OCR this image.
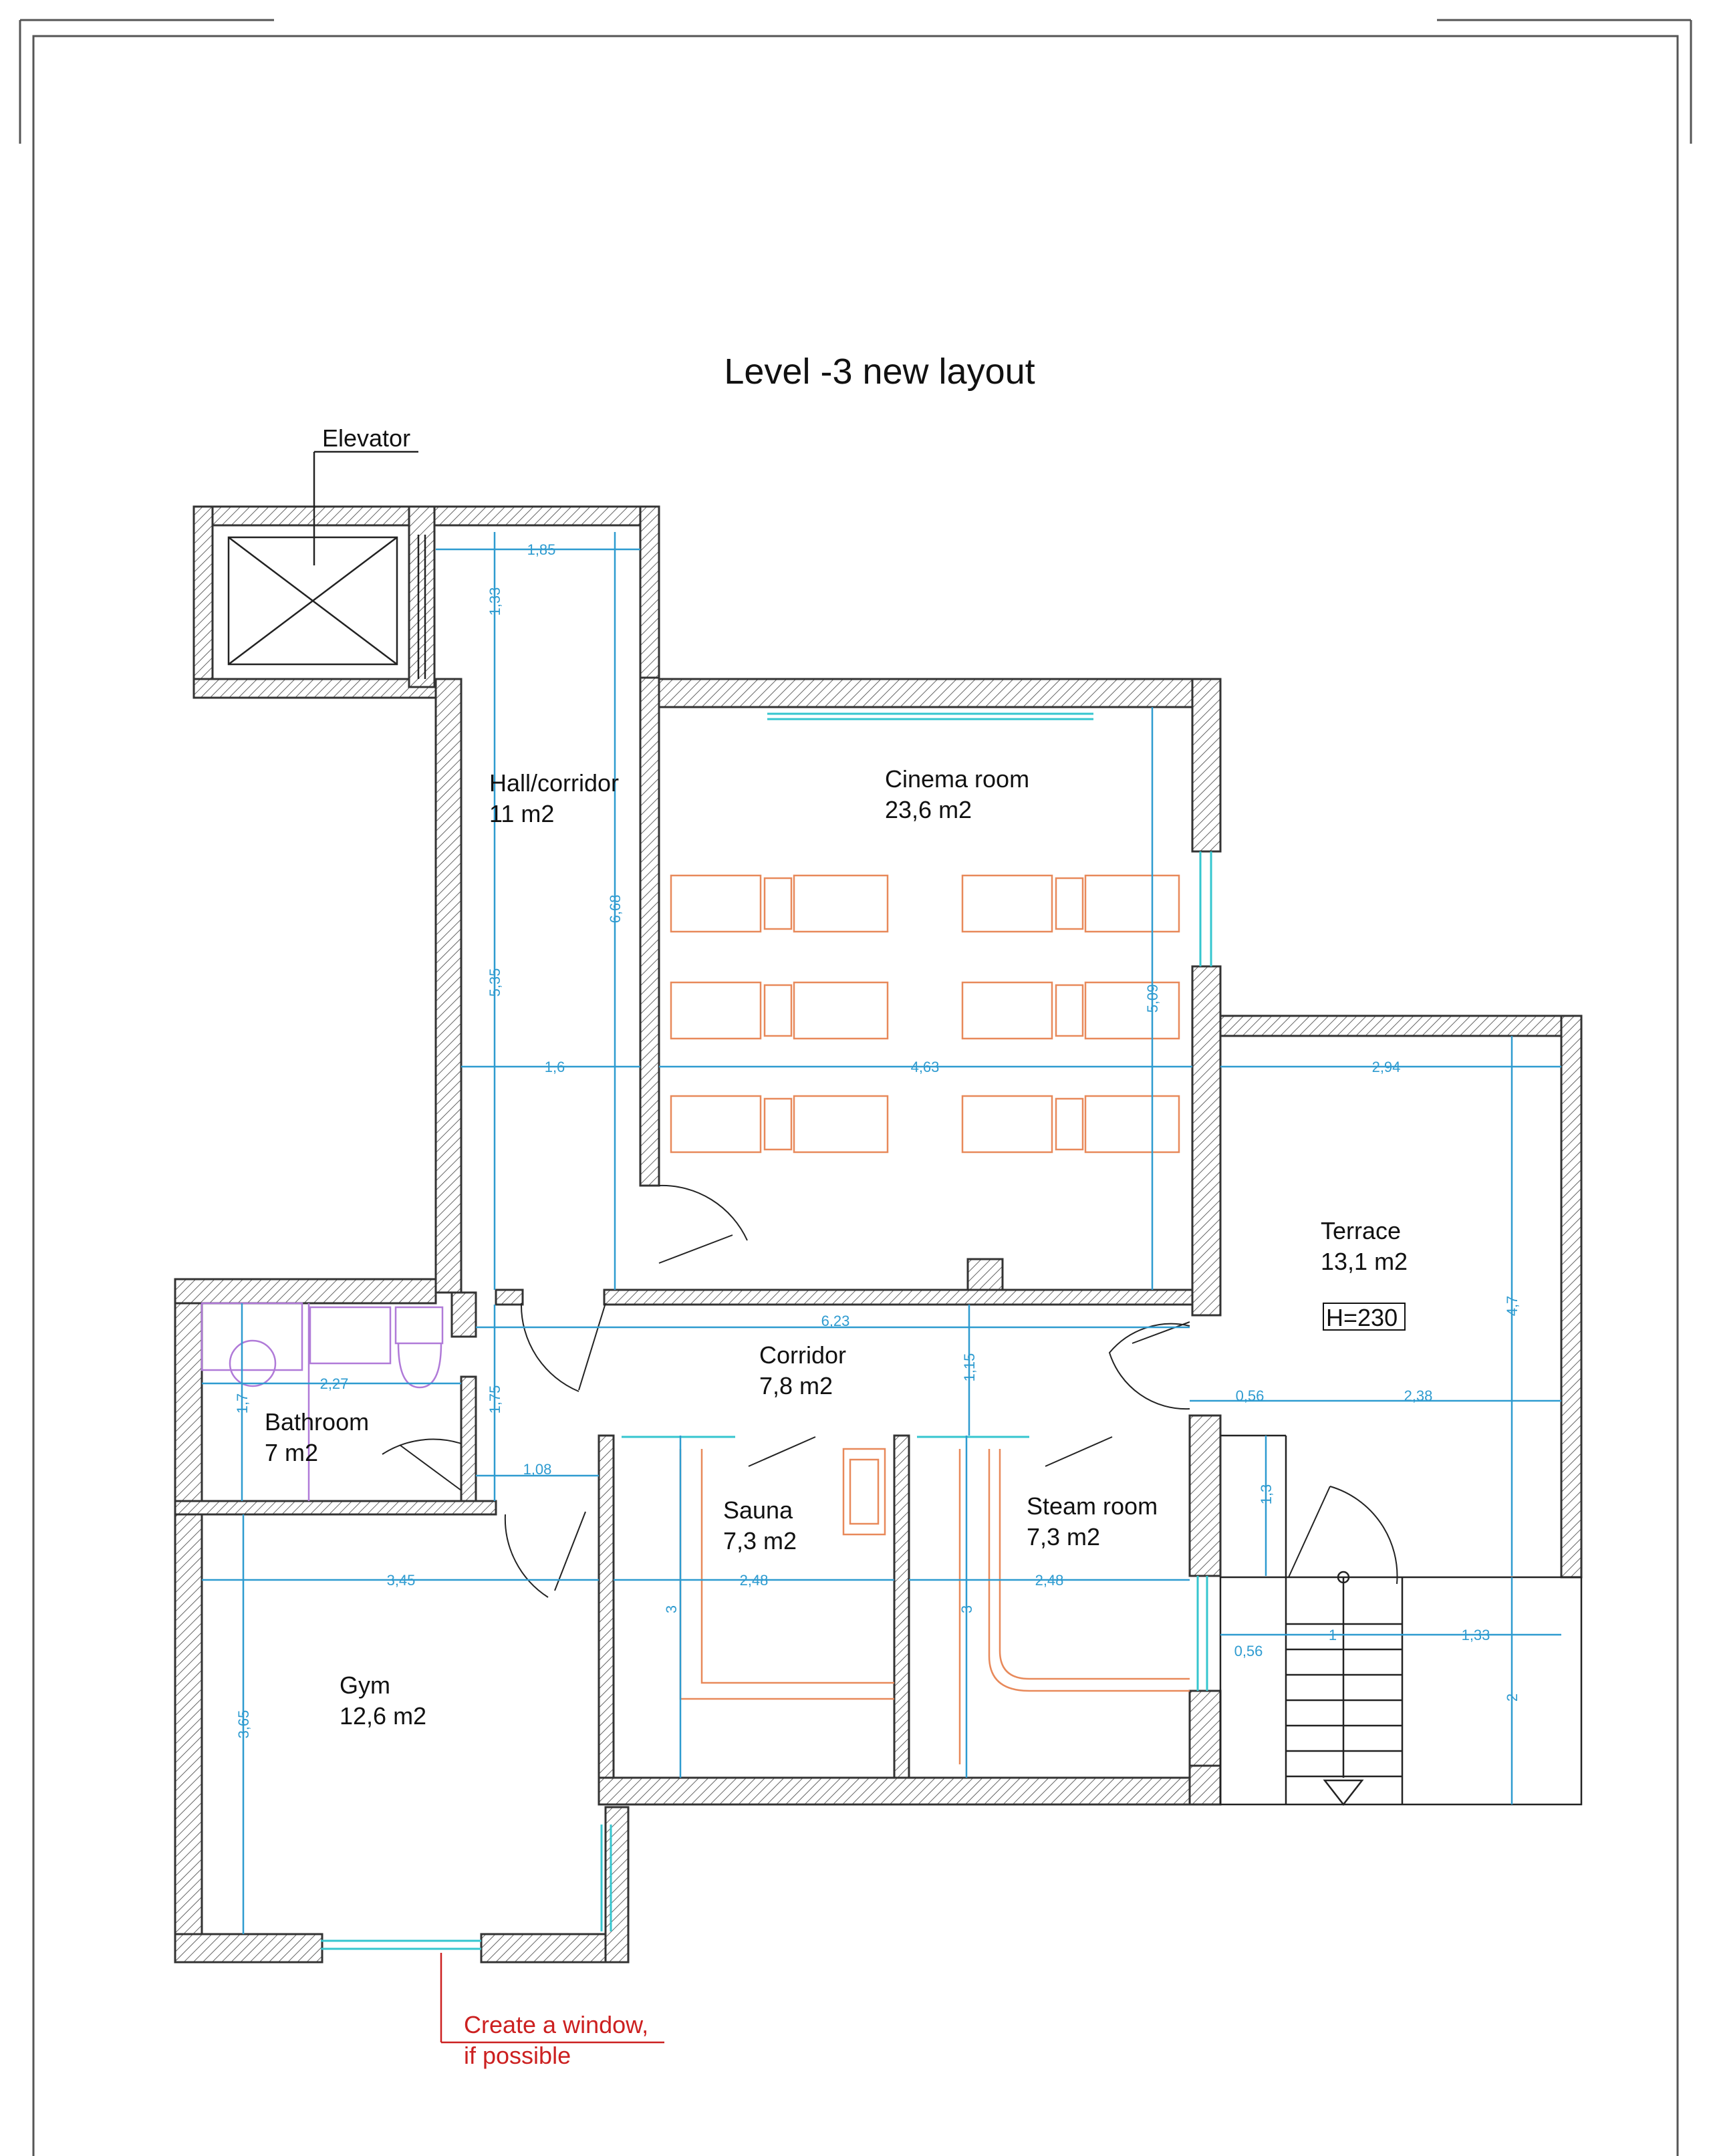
Level -3 new layout
Elevator
1,85
1,33
6,68
5,35
1,6	4,63
5,09
2,94
6,23
1,15
4,7
2,27
1,7	1,75
1,08
0,56	2,38
1,3
3,45	2,48	2,48
3	3
0,56
1	1,33
2
3,65
Hall/corridor
11 m2
Cinema room
23,6 m2
Terrace
13,1 m2
H=230
Corridor
7,8 m2
Bathroom
7 m2
Sauna
7,3 m2
Steam room
7,3 m2
Gym
12,6 m2
Create a window,
if possible
